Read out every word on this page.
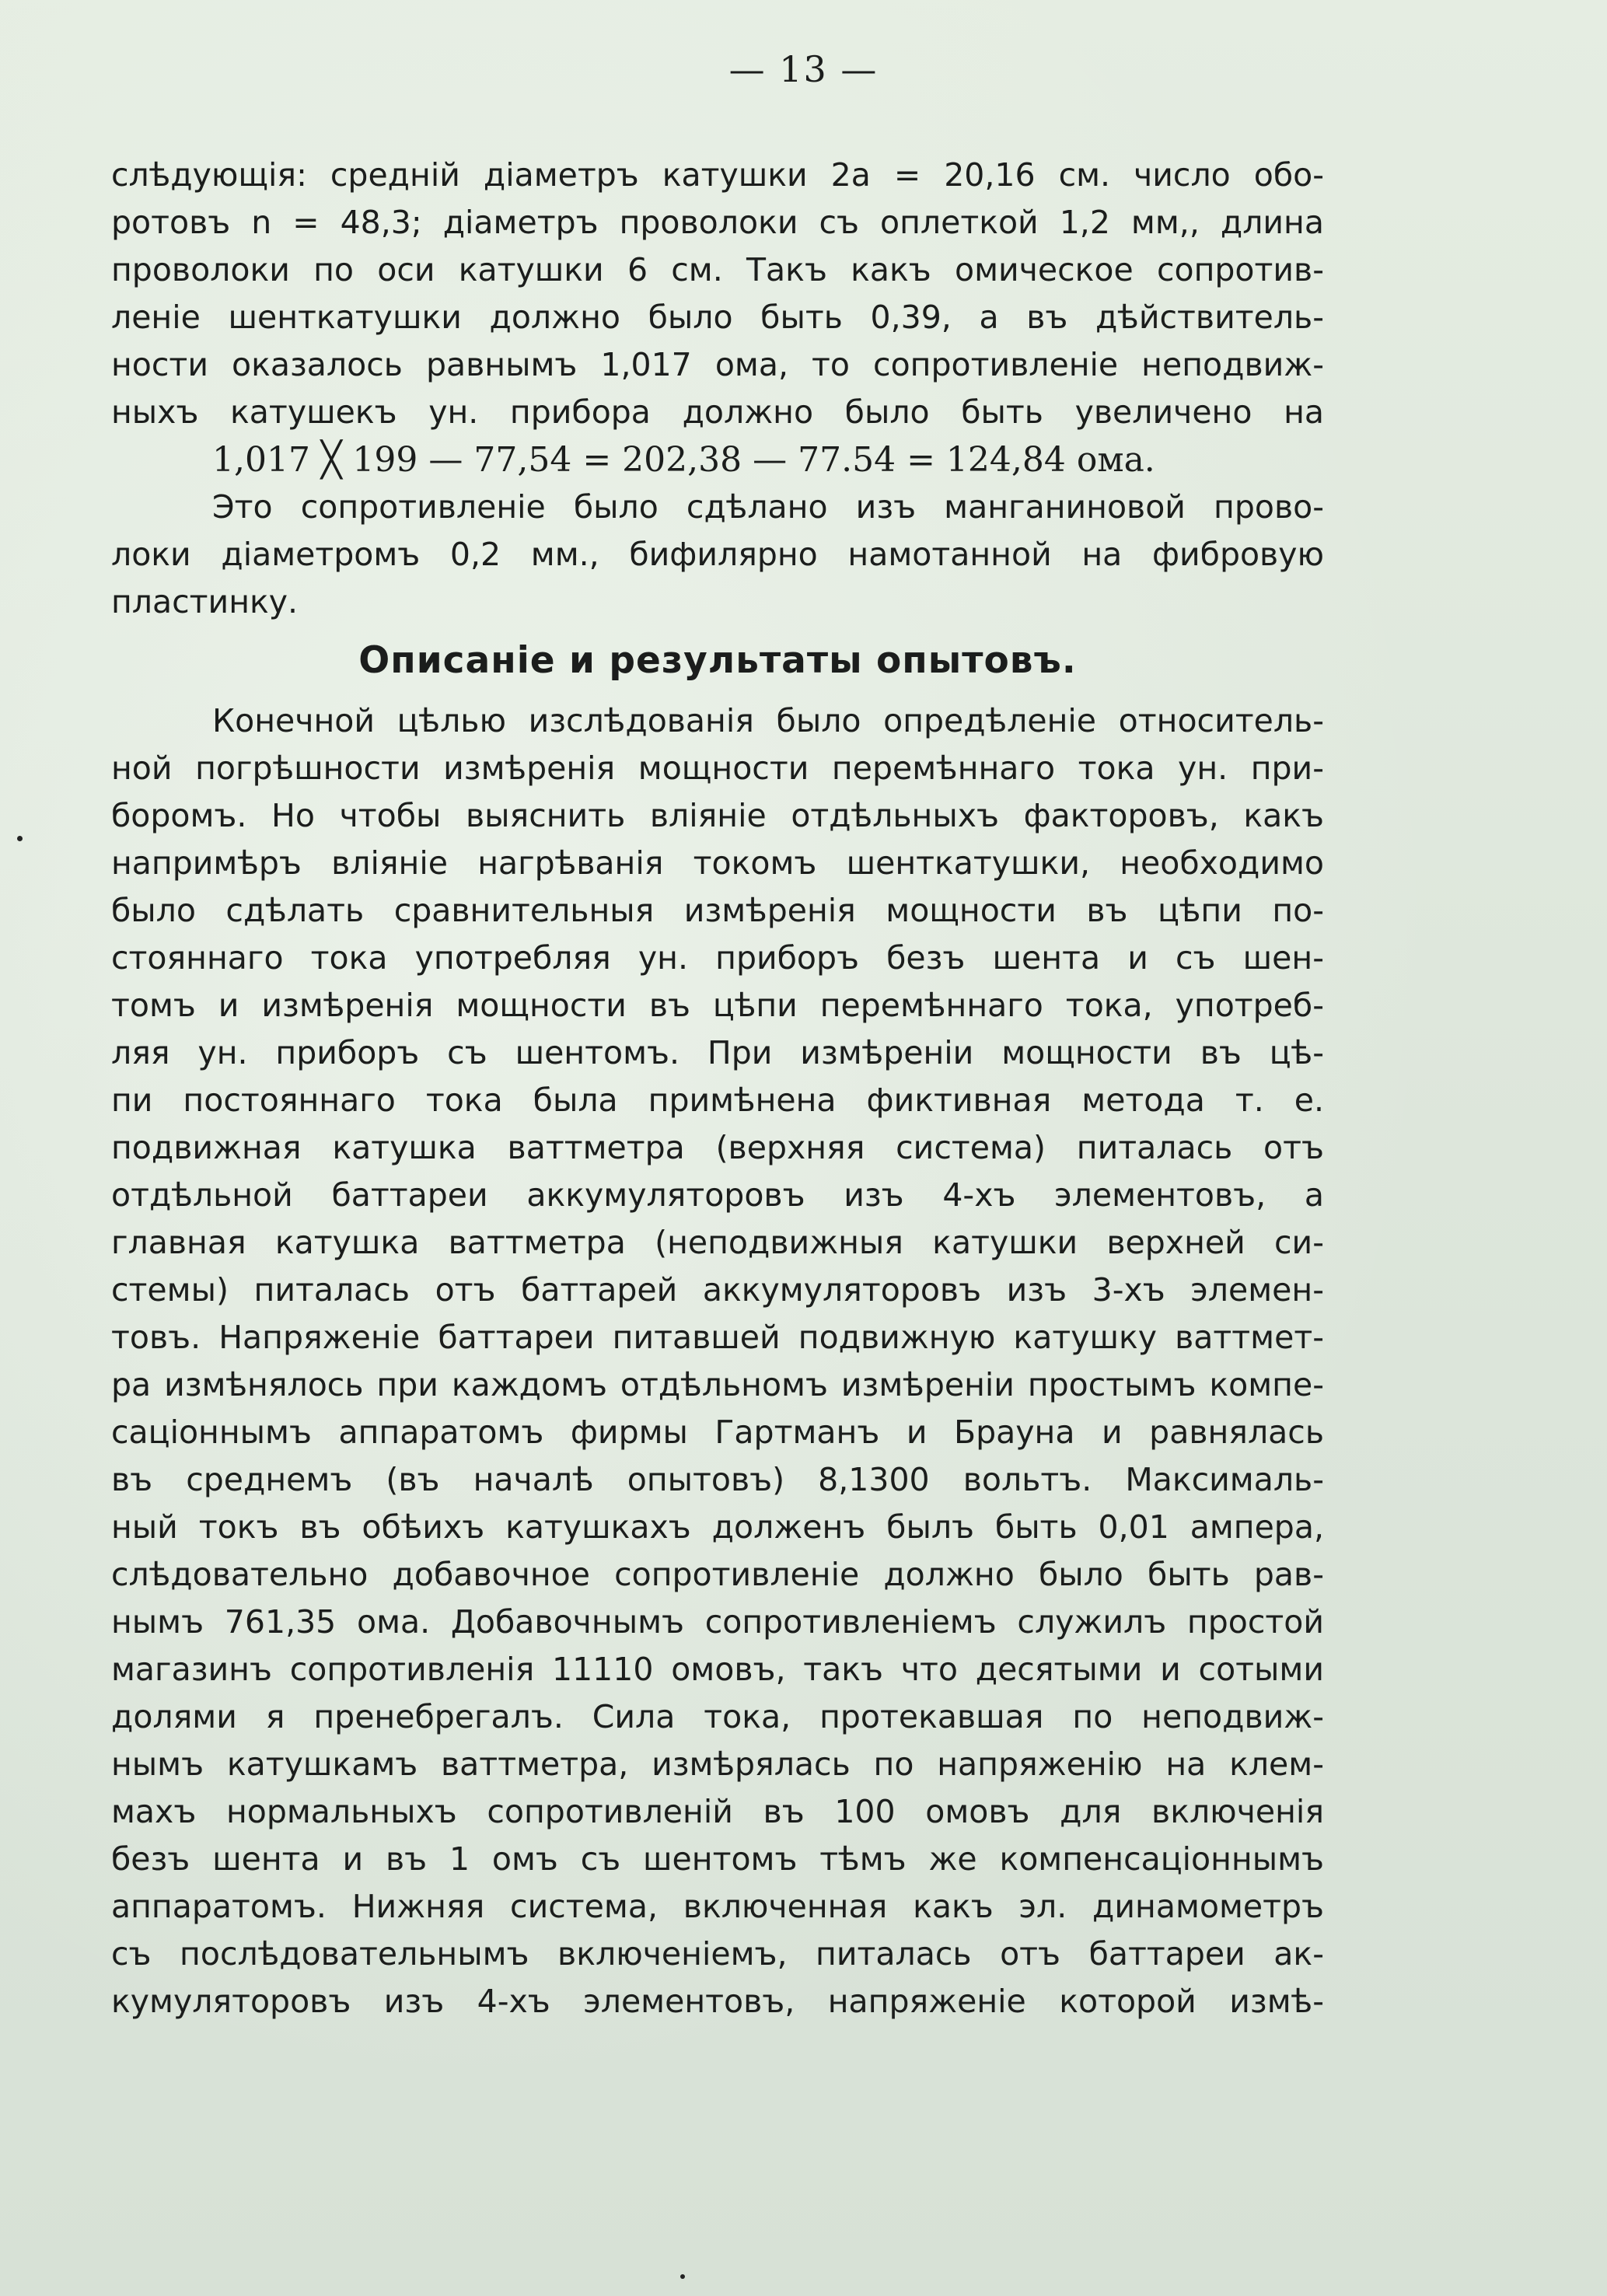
— 13 —
слѣдующія: среднiй дiаметръ катушки 2a = 20,16 см. число обо-
ротовъ n = 48,3; дiаметръ проволоки съ оплеткой 1,2 мм,, длина
проволоки по оси катушки 6 см. Такъ какъ омическое сопротив-
ленiе шенткатушки должно было быть 0,39, а въ дѣйствитель-
ности оказалось равнымъ 1,017 ома, то сопротивленiе неподвиж-
ныхъ катушекъ ун. прибора должно было быть увеличено на
1,017 ╳ 199 — 77,54 = 202,38 — 77.54 = 124,84 ома.
Это сопротивленiе было сдѣлано изъ манганиновой прово-
локи дiаметромъ 0,2 мм., бифилярно намотанной на фибровую
пластинку.
Описанiе и результаты опытовъ.
Конечной цѣлью изслѣдованiя было опредѣленiе относитель-
ной погрѣшности измѣренiя мощности перемѣннаго тока ун. при-
боромъ. Но чтобы выяснить влiянiе отдѣльныхъ факторовъ, какъ
напримѣръ влiянiе нагрѣванiя токомъ шенткатушки, необходимо
было сдѣлать сравнительныя измѣренiя мощности въ цѣпи по-
стояннаго тока употребляя ун. приборъ безъ шента и съ шен-
томъ и измѣренiя мощности въ цѣпи перемѣннаго тока, употреб-
ляя ун. приборъ съ шентомъ. При измѣренiи мощности въ цѣ-
пи постояннаго тока была примѣнена фиктивная метода т. е.
подвижная катушка ваттметра (верхняя система) питалась отъ
отдѣльной баттареи аккумуляторовъ изъ 4-хъ элементовъ, а
главная катушка ваттметра (неподвижныя катушки верхней си-
стемы) питалась отъ баттарей аккумуляторовъ изъ 3-хъ элемен-
товъ. Напряженiе баттареи питавшей подвижную катушку ваттмет-
ра измѣнялось при каждомъ отдѣльномъ измѣренiи простымъ компе-
сацiоннымъ аппаратомъ фирмы Гартманъ и Брауна и равнялась
въ среднемъ (въ началѣ опытовъ) 8,1300 вольтъ. Максималь-
ный токъ въ обѣихъ катушкахъ долженъ былъ быть 0,01 ампера,
слѣдовательно добавочное сопротивленiе должно было быть рав-
нымъ 761,35 ома. Добавочнымъ сопротивленiемъ служилъ простой
магазинъ сопротивленiя 11110 омовъ, такъ что десятыми и сотыми
долями я пренебрегалъ. Сила тока, протекавшая по неподвиж-
нымъ катушкамъ ваттметра, измѣрялась по напряженiю на клем-
махъ нормальныхъ сопротивленiй въ 100 омовъ для включенiя
безъ шента и въ 1 омъ съ шентомъ тѣмъ же компенсацiоннымъ
аппаратомъ. Нижняя система, включенная какъ эл. динамометръ
съ послѣдовательнымъ включенiемъ, питалась отъ баттареи ак-
кумуляторовъ изъ 4-хъ элементовъ, напряженiе которой измѣ-
